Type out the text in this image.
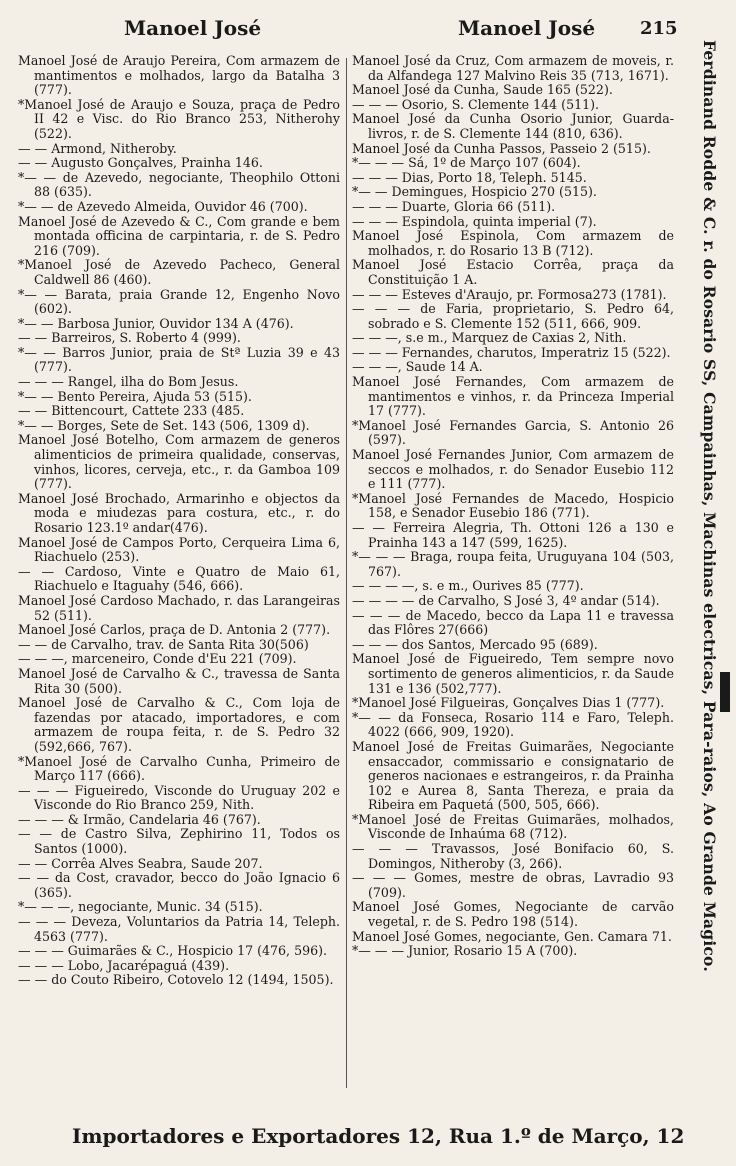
Manoel José	Manoel José 215

Manoel José de Araujo Pereira, Com armazem de mantimentos e molhados, largo da Batalha 3 (777).

*Manoel José de Araujo e Souza, praça de Pedro II 42 e Visc. do Rio Branco 253, Nitherohy (522).

— — Armond, Nitheroby.

— — Augusto Gonçalves, Prainha 146.

*— — de Azevedo, negociante, Theophilo Ottoni 88 (635).

*— — de Azevedo Almeida, Ouvidor 46 (700).

Manoel José de Azevedo & C., Com grande e bem montada officina de carpintaria, r. de S. Pedro 216 (709).

*Manoel José de Azevedo Pacheco, General Caldwell 86 (460).

*— — Barata, praia Grande 12, Engenho Novo (602).

*— — Barbosa Junior, Ouvidor 134 A (476).

— — Barreiros, S. Roberto 4 (999).

*— — Barros Junior, praia de Stª Luzia 39 e 43 (777).

— — — Rangel, ilha do Bom Jesus.

*— — Bento Pereira, Ajuda 53 (515).

— — Bittencourt, Cattete 233 (485.

*— — Borges, Sete de Set. 143 (506, 1309 d).

Manoel José Botelho, Com armazem de generos alimenticios de primeira qualidade, conservas, vinhos, licores, cerveja, etc., r. da Gamboa 109 (777).

Manoel José Brochado, Armarinho e objectos da moda e miudezas para costura, etc., r. do Rosario 123.1º andar(476).

Manoel José de Campos Porto, Cerqueira Lima 6, Riachuelo (253).

— — Cardoso, Vinte e Quatro de Maio 61, Riachuelo e Itaguahy (546, 666).

Manoel José Cardoso Machado, r. das Larangeiras 52 (511).

Manoel José Carlos, praça de D. Antonia 2 (777).

— — de Carvalho, trav. de Santa Rita 30(506)

— — —, marceneiro, Conde d'Eu 221 (709).

Manoel José de Carvalho & C., travessa de Santa Rita 30 (500).

Manoel José de Carvalho & C., Com loja de fazendas por atacado, importadores, e com armazem de roupa feita, r. de S. Pedro 32 (592,666, 767).

*Manoel José de Carvalho Cunha, Primeiro de Março 117 (666).

— — — Figueiredo, Visconde do Uruguay 202 e Visconde do Rio Branco 259, Nith.

— — — & Irmão, Candelaria 46 (767).

— — de Castro Silva, Zephirino 11, Todos os Santos (1000).

— — Corrêa Alves Seabra, Saude 207.

— — da Cost, cravador, becco do João Ignacio 6 (365).

*— — —, negociante, Munic. 34 (515).

— — — Deveza, Voluntarios da Patria 14, Teleph. 4563 (777).

— — — Guimarães & C., Hospicio 17 (476, 596).

— — — Lobo, Jacarépaguá (439).

— — do Couto Ribeiro, Cotovelo 12 (1494, 1505).

Manoel José da Cruz, Com armazem de moveis, r. da Alfandega 127 Malvino Reis 35 (713, 1671).

Manoel José da Cunha, Saude 165 (522).

— — — Osorio, S. Clemente 144 (511).

Manoel José da Cunha Osorio Junior, Guarda-livros, r. de S. Clemente 144 (810, 636).

Manoel José da Cunha Passos, Passeio 2 (515).

*— — — Sá, 1º de Março 107 (604).

— — — Dias, Porto 18, Teleph. 5145.

*— — Demingues, Hospicio 270 (515).

— — — Duarte, Gloria 66 (511).

— — — Espindola, quinta imperial (7).

Manoel José Espinola, Com armazem de molhados, r. do Rosario 13 B (712).

Manoel José Estacio Corrêa, praça da Constituição 1 A.

— — — Esteves d'Araujo, pr. Formosa273 (1781).

— — — de Faria, proprietario, S. Pedro 64, sobrado e S. Clemente 152 (511, 666, 909.

— — —, s.e m., Marquez de Caxias 2, Nith.

— — — Fernandes, charutos, Imperatriz 15 (522).

— — —, Saude 14 A.

Manoel José Fernandes, Com armazem de mantimentos e vinhos, r. da Princeza Imperial 17 (777).

*Manoel José Fernandes Garcia, S. Antonio 26 (597).

Manoel José Fernandes Junior, Com armazem de seccos e molhados, r. do Senador Eusebio 112 e 111 (777).

*Manoel José Fernandes de Macedo, Hospicio 158, e Senador Eusebio 186 (771).

— — Ferreira Alegria, Th. Ottoni 126 a 130 e Prainha 143 a 147 (599, 1625).

*— — — Braga, roupa feita, Uruguyana 104 (503, 767).

— — — —, s. e m., Ourives 85 (777).

— — — — de Carvalho, S José 3, 4º andar (514).

— — — de Macedo, becco da Lapa 11 e travessa das Flôres 27(666)

— — — dos Santos, Mercado 95 (689).

Manoel José de Figueiredo, Tem sempre novo sortimento de generos alimenticios, r. da Saude 131 e 136 (502,777).

*Manoel José Filgueiras, Gonçalves Dias 1 (777).

*— — da Fonseca, Rosario 114 e Faro, Teleph. 4022 (666, 909, 1920).

Manoel José de Freitas Guimarães, Negociante ensaccador, commissario e consignatario de generos nacionaes e estrangeiros, r. da Prainha 102 e Aurea 8, Santa Thereza, e praia da Ribeira em Paquetá (500, 505, 666).

*Manoel José de Freitas Guimarães, molhados, Visconde de Inhaúma 68 (712).

— — — Travassos, José Bonifacio 60, S. Domingos, Nitheroby (3, 266).

— — — Gomes, mestre de obras, Lavradio 93 (709).

Manoel José Gomes, Negociante de carvão vegetal, r. de S. Pedro 198 (514).

Manoel José Gomes, negociante, Gen. Camara 71.

*— — — Junior, Rosario 15 A (700).	Ferdinand Rodde & C. r. do Rosario SS, Campainhas, Machinas electricas, Para-raios, Ao Grande Magico.
Importadores e Exportadores 12, Rua 1.º de Março, 12
